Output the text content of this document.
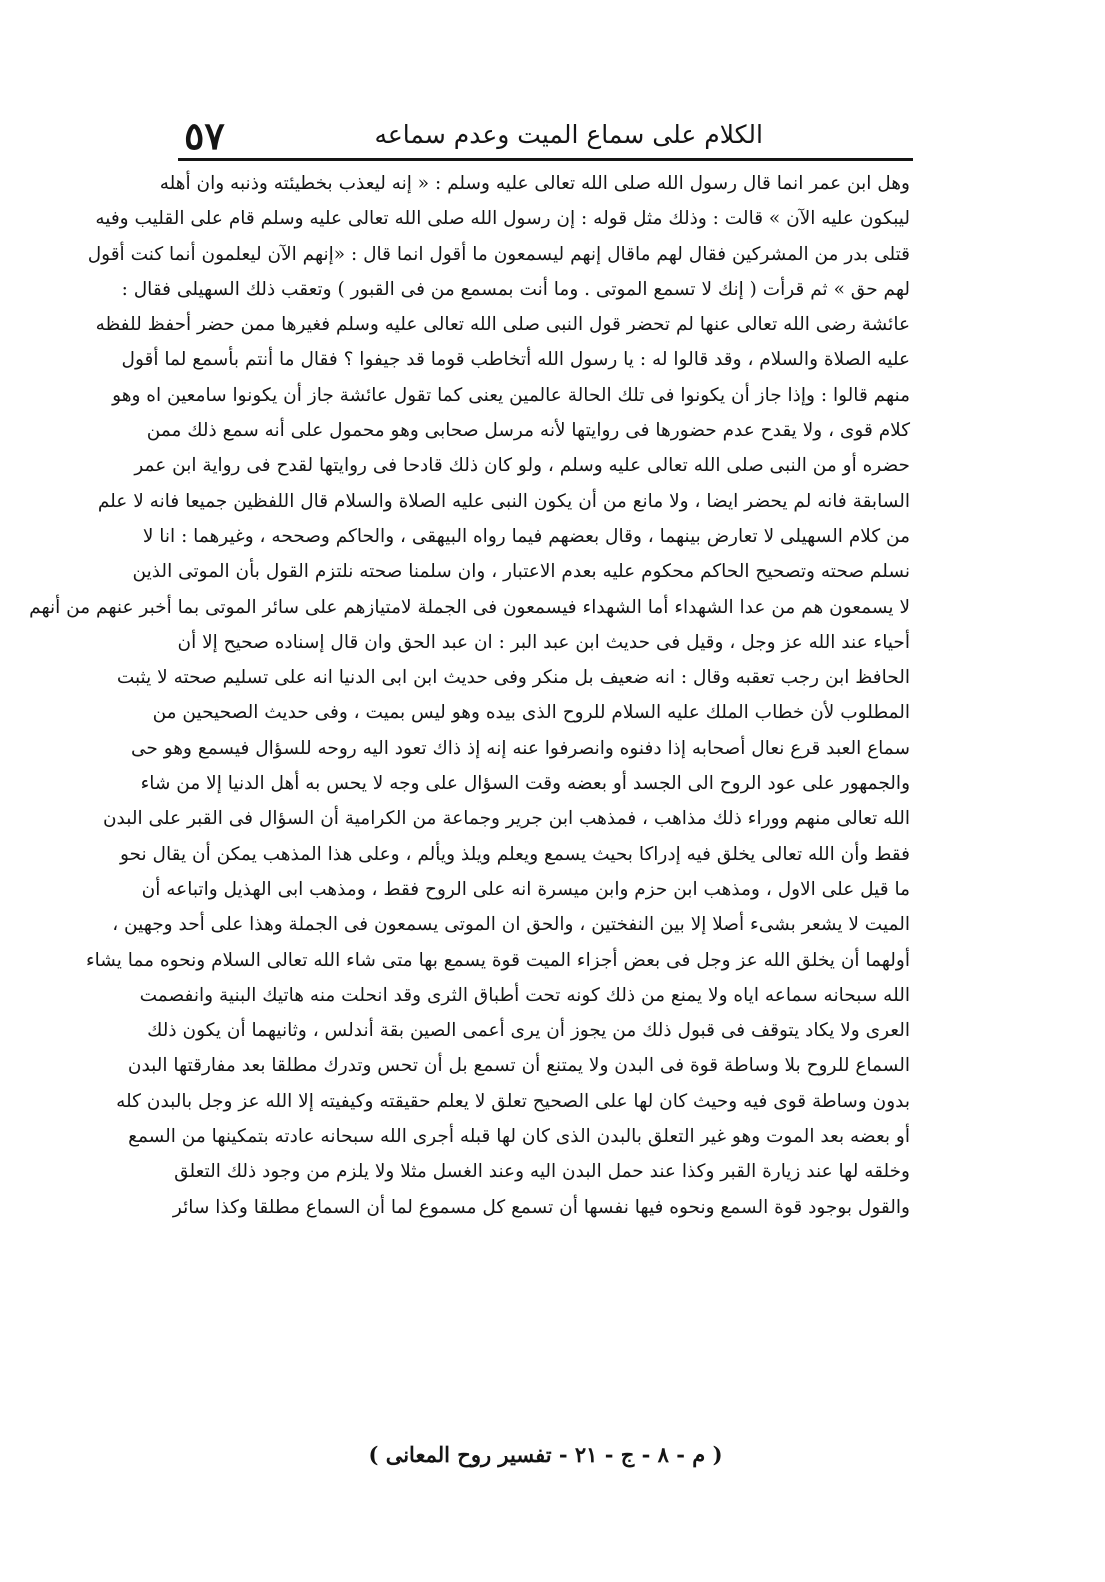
٥٧	الكلام على سماع الميت وعدم سماعه
وهل ابن عمر انما قال رسول الله صلى الله تعالى عليه وسلم : « إنه ليعذب بخطيئته وذنبه وان أهله
ليبكون عليه الآن » قالت : وذلك مثل قوله : إن رسول الله صلى الله تعالى عليه وسلم قام على القليب وفيه
قتلى بدر من المشركين فقال لهم ماقال إنهم ليسمعون ما أقول انما قال : «إنهم الآن ليعلمون أنما كنت أقول
لهم حق » ثم قرأت ( إنك لا تسمع الموتى . وما أنت بمسمع من فى القبور ) وتعقب ذلك السهيلى فقال :
عائشة رضى الله تعالى عنها لم تحضر قول النبى صلى الله تعالى عليه وسلم فغيرها ممن حضر أحفظ للفظه
عليه الصلاة والسلام ، وقد قالوا له : يا رسول الله أتخاطب قوما قد جيفوا ؟ فقال ما أنتم بأسمع لما أقول
منهم قالوا : وإذا جاز أن يكونوا فى تلك الحالة عالمين يعنى كما تقول عائشة جاز أن يكونوا سامعين اه وهو
كلام قوى ، ولا يقدح عدم حضورها فى روايتها لأنه مرسل صحابى وهو محمول على أنه سمع ذلك ممن
حضره أو من النبى صلى الله تعالى عليه وسلم ، ولو كان ذلك قادحا فى روايتها لقدح فى رواية ابن عمر
السابقة فانه لم يحضر ايضا ، ولا مانع من أن يكون النبى عليه الصلاة والسلام قال اللفظين جميعا فانه لا علم
من كلام السهيلى لا تعارض بينهما ، وقال بعضهم فيما رواه البيهقى ، والحاكم وصححه ، وغيرهما : انا لا
نسلم صحته وتصحيح الحاكم محكوم عليه بعدم الاعتبار ، وان سلمنا صحته نلتزم القول بأن الموتى الذين
لا يسمعون هم من عدا الشهداء أما الشهداء فيسمعون فى الجملة لامتيازهم على سائر الموتى بما أخبر عنهم من أنهم
أحياء عند الله عز وجل ، وقيل فى حديث ابن عبد البر : ان عبد الحق وان قال إسناده صحيح إلا أن
الحافظ ابن رجب تعقبه وقال : انه ضعيف بل منكر وفى حديث ابن ابى الدنيا انه على تسليم صحته لا يثبت
المطلوب لأن خطاب الملك عليه السلام للروح الذى بيده وهو ليس بميت ، وفى حديث الصحيحين من
سماع العبد قرع نعال أصحابه إذا دفنوه وانصرفوا عنه إنه إذ ذاك تعود اليه روحه للسؤال فيسمع وهو حى
والجمهور على عود الروح الى الجسد أو بعضه وقت السؤال على وجه لا يحس به أهل الدنيا إلا من شاء
الله تعالى منهم ووراء ذلك مذاهب ، فمذهب ابن جرير وجماعة من الكرامية أن السؤال فى القبر على البدن
فقط وأن الله تعالى يخلق فيه إدراكا بحيث يسمع ويعلم ويلذ ويألم ، وعلى هذا المذهب يمكن أن يقال نحو
ما قيل على الاول ، ومذهب ابن حزم وابن ميسرة انه على الروح فقط ، ومذهب ابى الهذيل واتباعه أن
الميت لا يشعر بشىء أصلا إلا بين النفختين ، والحق ان الموتى يسمعون فى الجملة وهذا على أحد وجهين ،
أولهما أن يخلق الله عز وجل فى بعض أجزاء الميت قوة يسمع بها متى شاء الله تعالى السلام ونحوه مما يشاء
الله سبحانه سماعه اياه ولا يمنع من ذلك كونه تحت أطباق الثرى وقد انحلت منه هاتيك البنية وانفصمت
العرى ولا يكاد يتوقف فى قبول ذلك من يجوز أن يرى أعمى الصين بقة أندلس ، وثانيهما أن يكون ذلك
السماع للروح بلا وساطة قوة فى البدن ولا يمتنع أن تسمع بل أن تحس وتدرك مطلقا بعد مفارقتها البدن
بدون وساطة قوى فيه وحيث كان لها على الصحيح تعلق لا يعلم حقيقته وكيفيته إلا الله عز وجل بالبدن كله
أو بعضه بعد الموت وهو غير التعلق بالبدن الذى كان لها قبله أجرى الله سبحانه عادته بتمكينها من السمع
وخلقه لها عند زيارة القبر وكذا عند حمل البدن اليه وعند الغسل مثلا ولا يلزم من وجود ذلك التعلق
والقول بوجود قوة السمع ونحوه فيها نفسها أن تسمع كل مسموع لما أن السماع مطلقا وكذا سائر
( م - ٨ - ج - ٢١ - تفسير روح المعانى )
